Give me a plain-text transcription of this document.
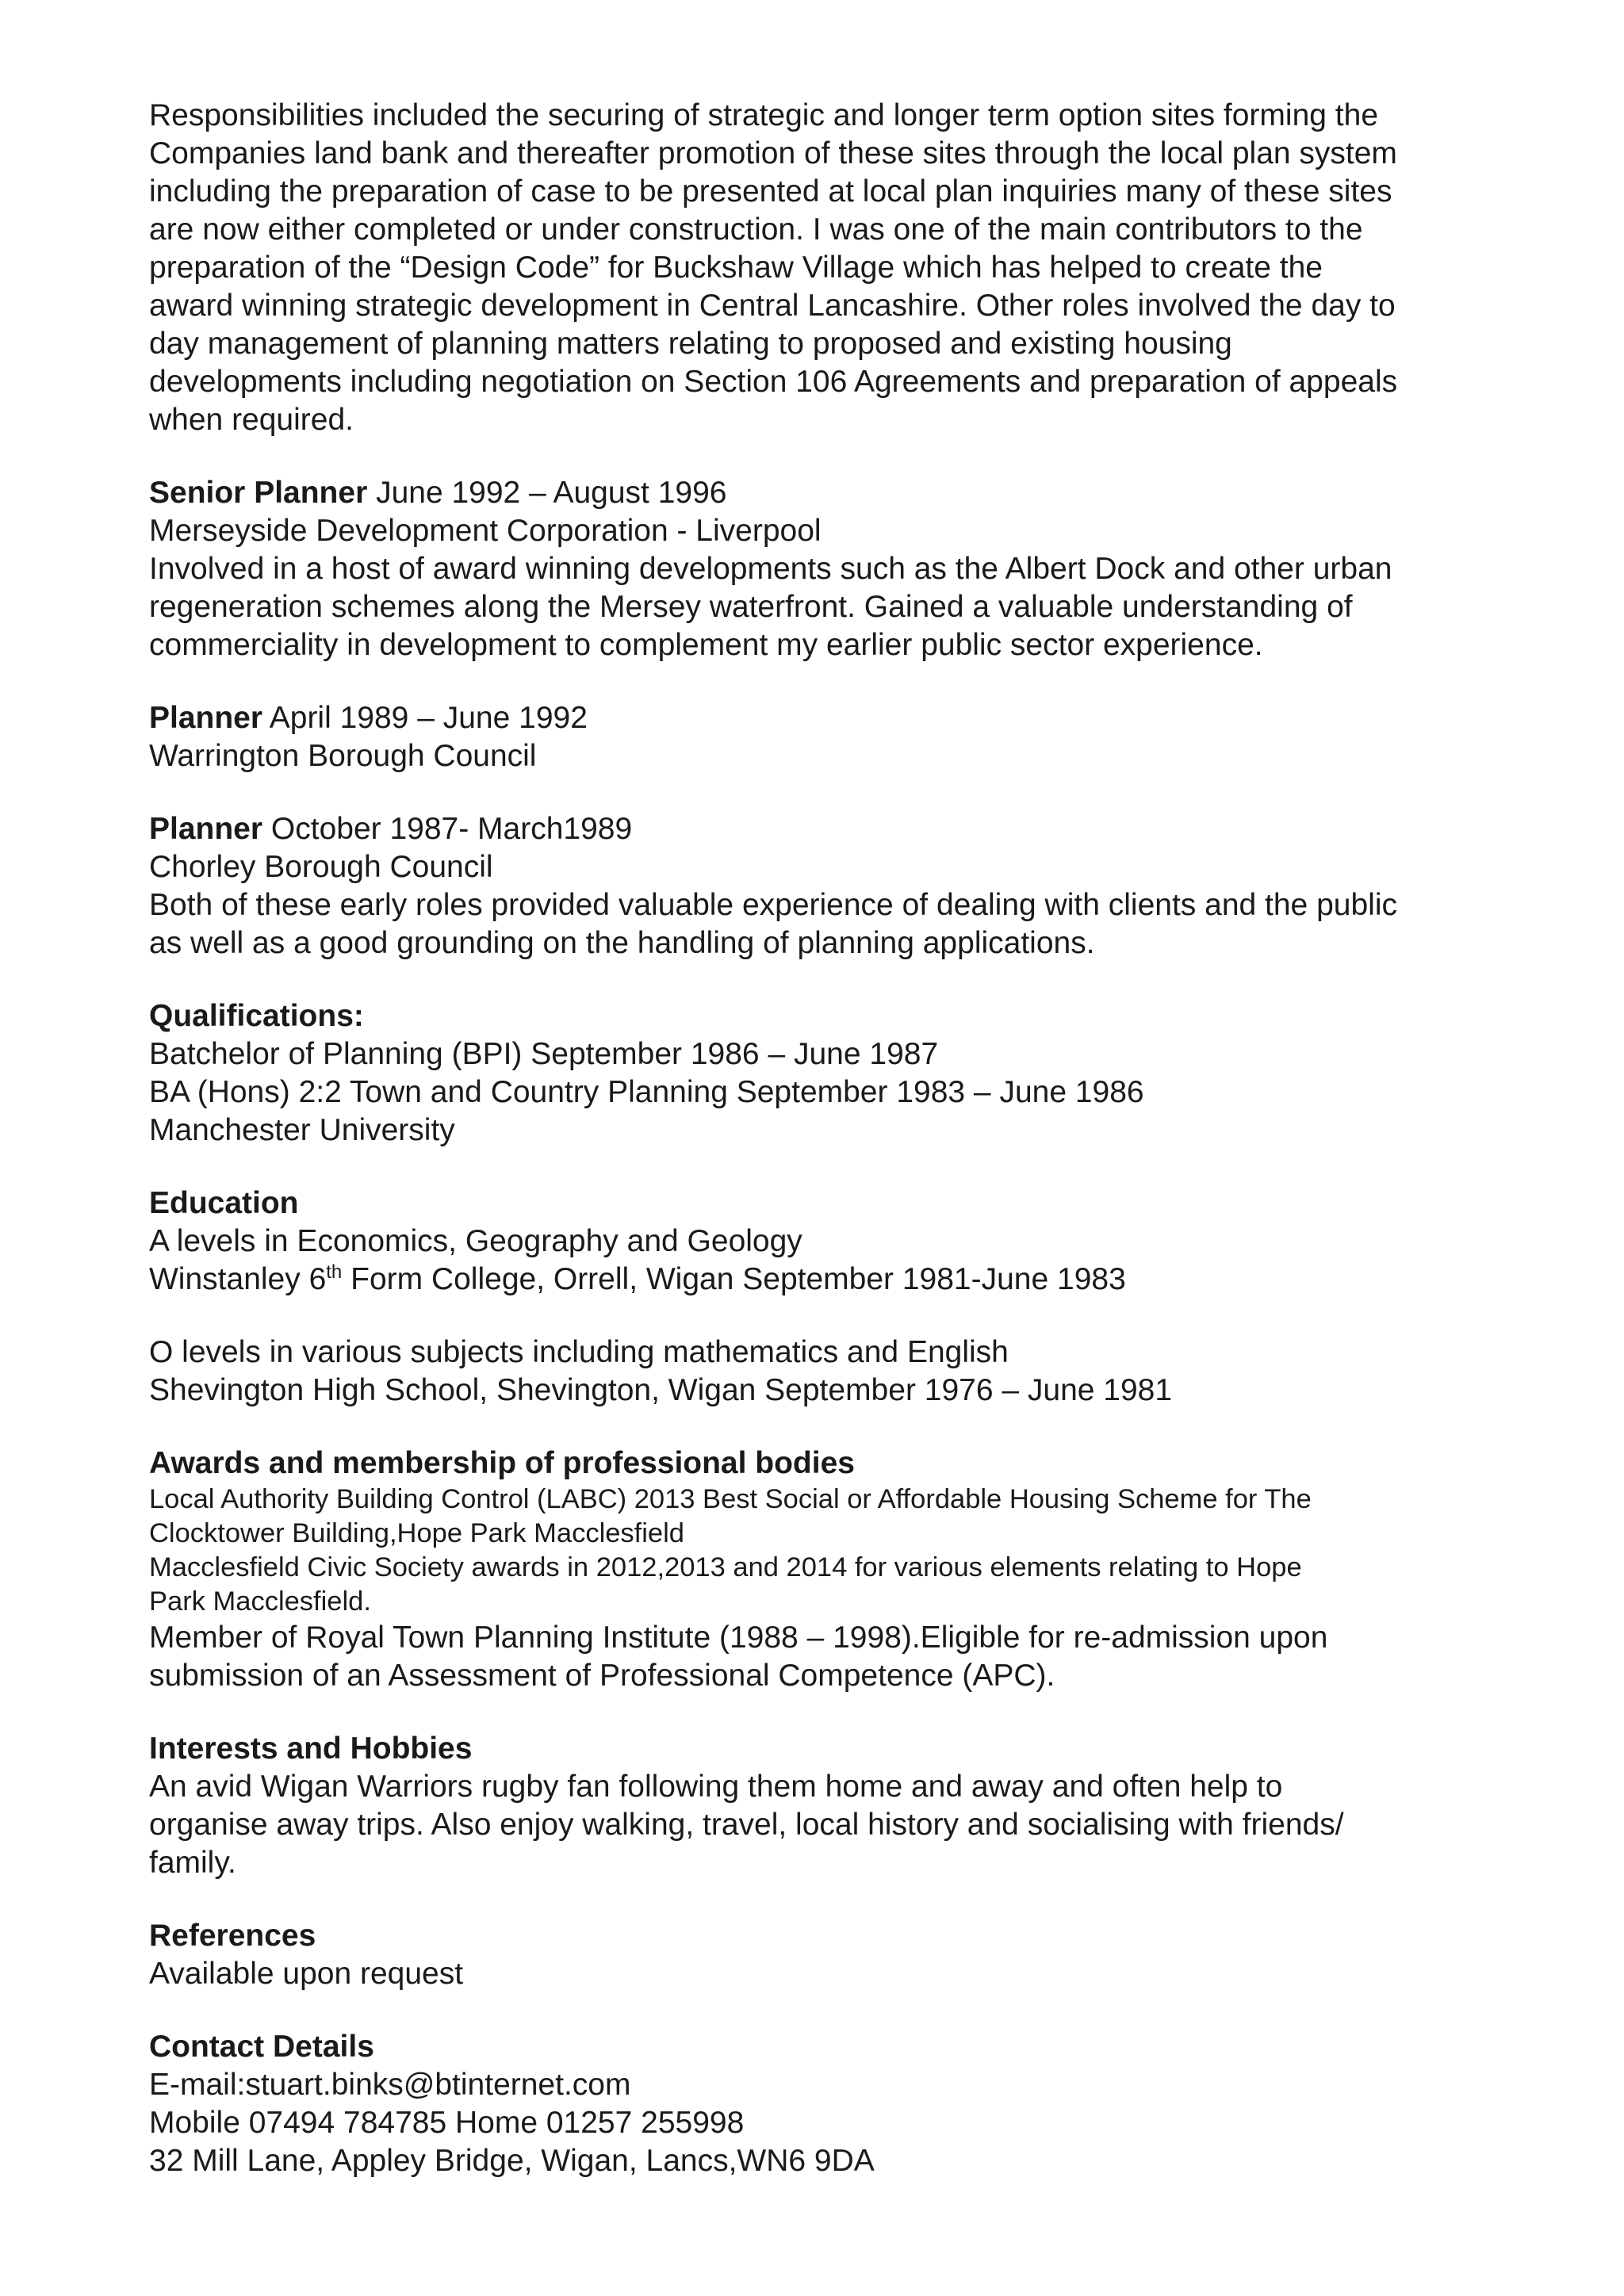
Responsibilities included the securing of strategic and longer term option sites forming the

Companies land bank and thereafter promotion of these sites through the local plan system

including the preparation of case to be presented at local plan inquiries many of these sites

are now either completed or under construction. I was one of the main contributors to the

preparation of the “Design Code” for Buckshaw Village which has helped to create the

award winning strategic development in Central Lancashire. Other roles involved the day to

day management of planning matters relating to proposed and existing housing

developments including negotiation on Section 106 Agreements and preparation of appeals

when required.

Senior Planner June 1992 – August 1996

Merseyside Development Corporation - Liverpool

Involved in a host of award winning developments such as the Albert Dock and other urban

regeneration schemes along the Mersey waterfront. Gained a valuable understanding of

commerciality in development to complement my earlier public sector experience.

Planner April 1989 – June 1992

Warrington Borough Council

Planner October 1987- March1989

Chorley Borough Council

Both of these early roles provided valuable experience of dealing with clients and the public

as well as a good grounding on the handling of planning applications.

Qualifications:

Batchelor of Planning (BPI) September 1986 – June 1987

BA (Hons) 2:2 Town and Country Planning September 1983 – June 1986

Manchester University

Education

A levels in Economics, Geography and Geology

Winstanley 6th Form College, Orrell, Wigan September 1981-June 1983

O levels in various subjects including mathematics and English

Shevington High School, Shevington, Wigan September 1976 – June 1981

Awards and membership of professional bodies

Local Authority Building Control (LABC) 2013 Best Social or Affordable Housing Scheme for The

Clocktower Building,Hope Park Macclesfield

Macclesfield Civic Society awards in 2012,2013 and 2014 for various elements relating to Hope

Park Macclesfield.

Member of Royal Town Planning Institute (1988 – 1998).Eligible for re-admission upon

submission of an Assessment of Professional Competence (APC).

Interests and Hobbies

An avid Wigan Warriors rugby fan following them home and away and often help to

organise away trips. Also enjoy walking, travel, local history and socialising with friends/

family.

References

Available upon request

Contact Details

E-mail:stuart.binks@btinternet.com

Mobile 07494 784785 Home 01257 255998

32 Mill Lane, Appley Bridge, Wigan, Lancs,WN6 9DA
